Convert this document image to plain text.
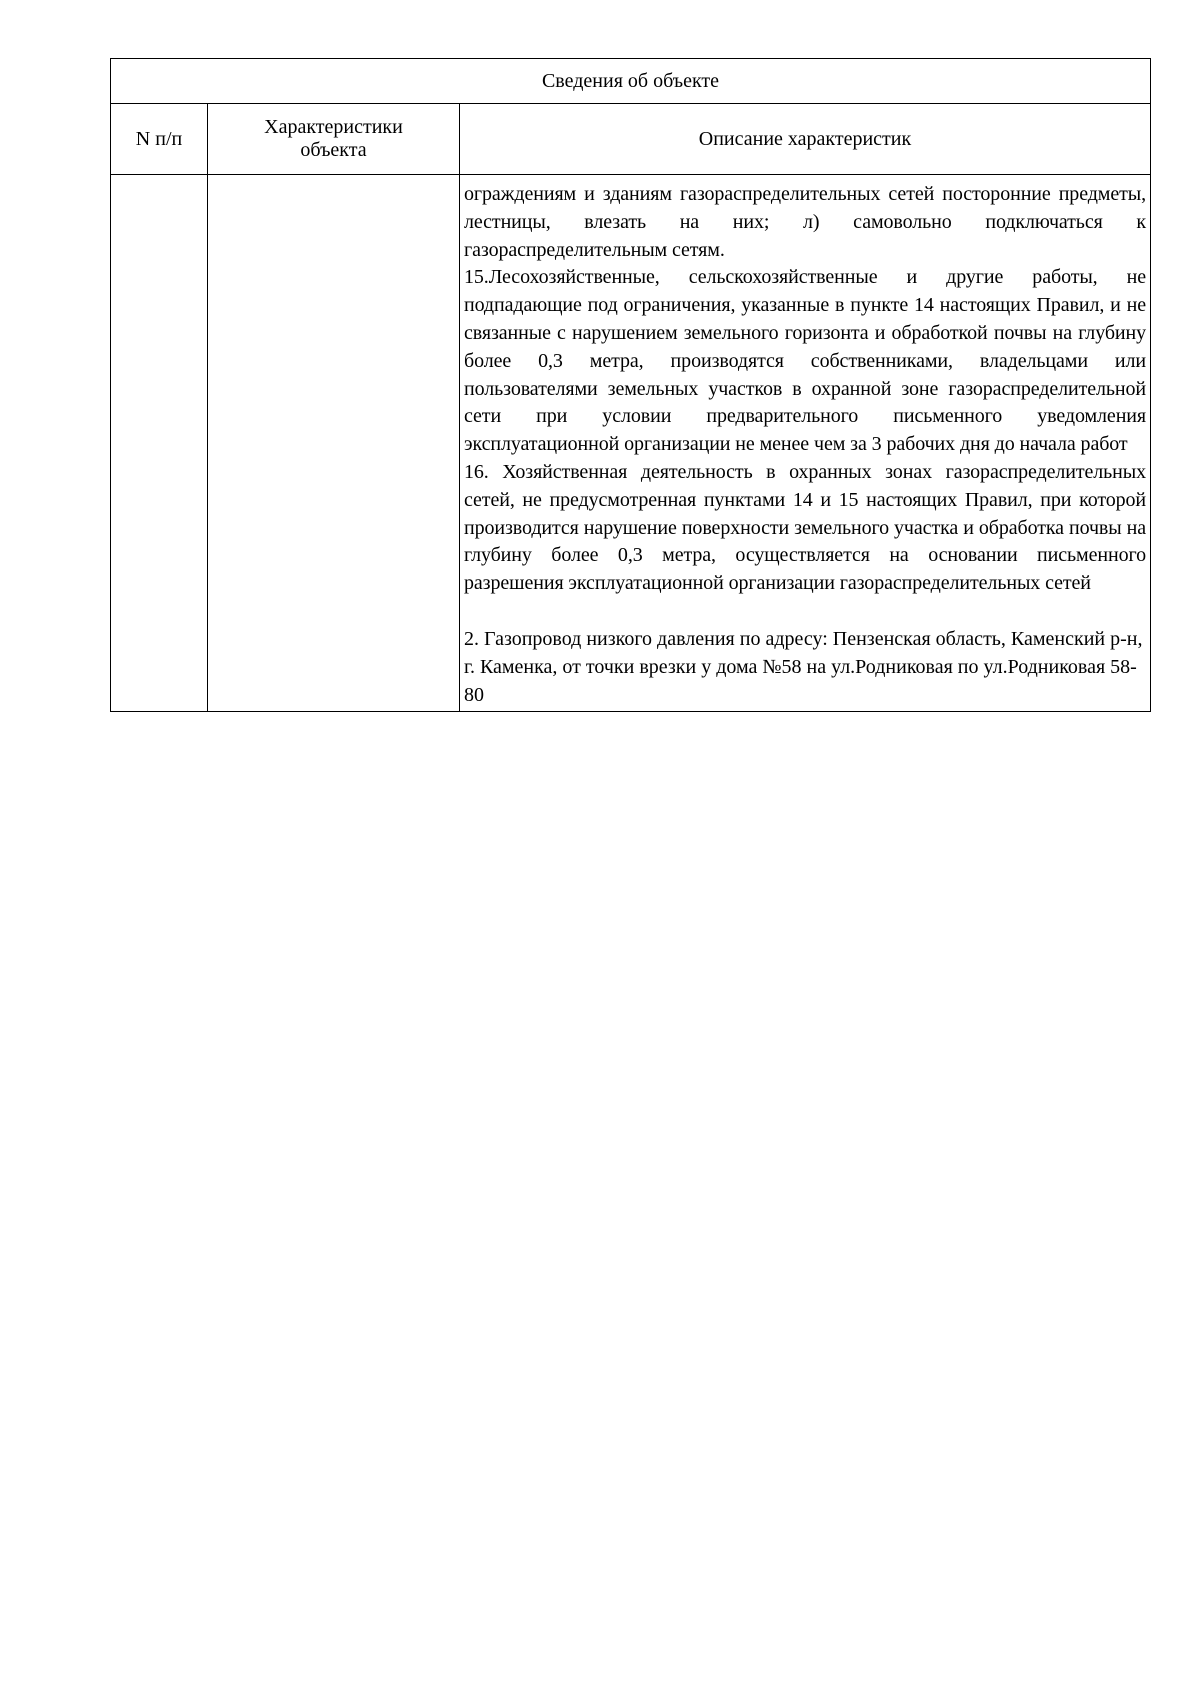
Сведения об объекте		
N п/п	Характеристики объекта	Описание характеристик

		ограждениям и зданиям газораспределительных сетей посторонние предметы, лестницы, влезать на них; л) самовольно подключаться к газораспределительным сетям.

15.Лесохозяйственные, сельскохозяйственные и другие работы, не подпадающие под ограничения, указанные в пункте 14 настоящих Правил, и не связанные с нарушением земельного горизонта и обработкой почвы на глубину более 0,3 метра, производятся собственниками, владельцами или пользователями земельных участков в охранной зоне газораспределительной сети при условии предварительного письменного уведомления эксплуатационной организации не менее чем за 3 рабочих дня до начала работ

16. Хозяйственная деятельность в охранных зонах газораспределительных сетей, не предусмотренная пунктами 14 и 15 настоящих Правил, при которой производится нарушение поверхности земельного участка и обработка почвы на глубину более 0,3 метра, осуществляется на основании письменного разрешения эксплуатационной организации газораспределительных сетей

2. Газопровод низкого давления по адресу: Пензенская область, Каменский р-н, г. Каменка, от точки врезки у дома №58 на ул.Родниковая по ул.Родниковая 58-80
